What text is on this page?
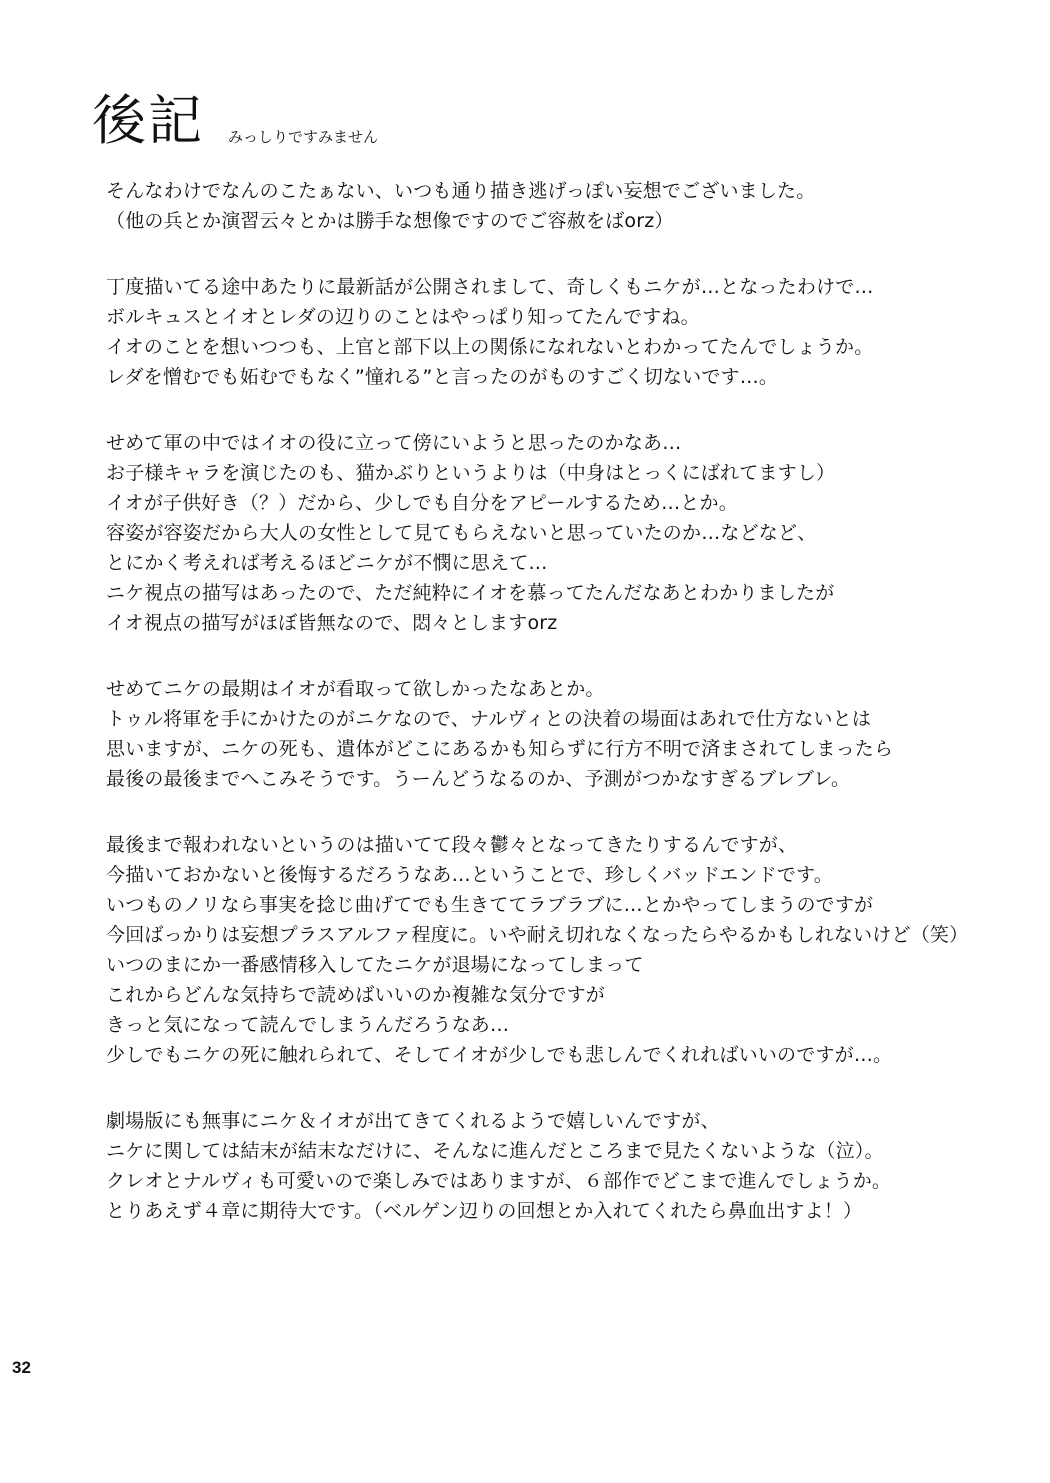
後記 みっしりですみません
そんなわけでなんのこたぁない、いつも通り描き逃げっぽい妄想でございました。
（他の兵とか演習云々とかは勝手な想像ですのでご容赦をばorz）
丁度描いてる途中あたりに最新話が公開されまして、奇しくもニケが…となったわけで…
ボルキュスとイオとレダの辺りのことはやっぱり知ってたんですね。
イオのことを想いつつも、上官と部下以上の関係になれないとわかってたんでしょうか。
レダを憎むでも妬むでもなく”憧れる”と言ったのがものすごく切ないです…。
せめて軍の中ではイオの役に立って傍にいようと思ったのかなあ…
お子様キャラを演じたのも、猫かぶりというよりは（中身はとっくにばれてますし）
イオが子供好き（？）だから、少しでも自分をアピールするため…とか。
容姿が容姿だから大人の女性として見てもらえないと思っていたのか…などなど、
とにかく考えれば考えるほどニケが不憫に思えて…
ニケ視点の描写はあったので、ただ純粋にイオを慕ってたんだなあとわかりましたが
イオ視点の描写がほぼ皆無なので、悶々としますorz
せめてニケの最期はイオが看取って欲しかったなあとか。
トゥル将軍を手にかけたのがニケなので、ナルヴィとの決着の場面はあれで仕方ないとは
思いますが、ニケの死も、遺体がどこにあるかも知らずに行方不明で済まされてしまったら
最後の最後までへこみそうです。うーんどうなるのか、予測がつかなすぎるブレブレ。
最後まで報われないというのは描いてて段々鬱々となってきたりするんですが、
今描いておかないと後悔するだろうなあ…ということで、珍しくバッドエンドです。
いつものノリなら事実を捻じ曲げてでも生きててラブラブに…とかやってしまうのですが
今回ばっかりは妄想プラスアルファ程度に。いや耐え切れなくなったらやるかもしれないけど（笑）
いつのまにか一番感情移入してたニケが退場になってしまって
これからどんな気持ちで読めばいいのか複雑な気分ですが
きっと気になって読んでしまうんだろうなあ…
少しでもニケの死に触れられて、そしてイオが少しでも悲しんでくれればいいのですが…。
劇場版にも無事にニケ＆イオが出てきてくれるようで嬉しいんですが、
ニケに関しては結末が結末なだけに、そんなに進んだところまで見たくないような（泣）。
クレオとナルヴィも可愛いので楽しみではありますが、６部作でどこまで進んでしょうか。
とりあえず４章に期待大です。（ベルゲン辺りの回想とか入れてくれたら鼻血出すよ！）
32
